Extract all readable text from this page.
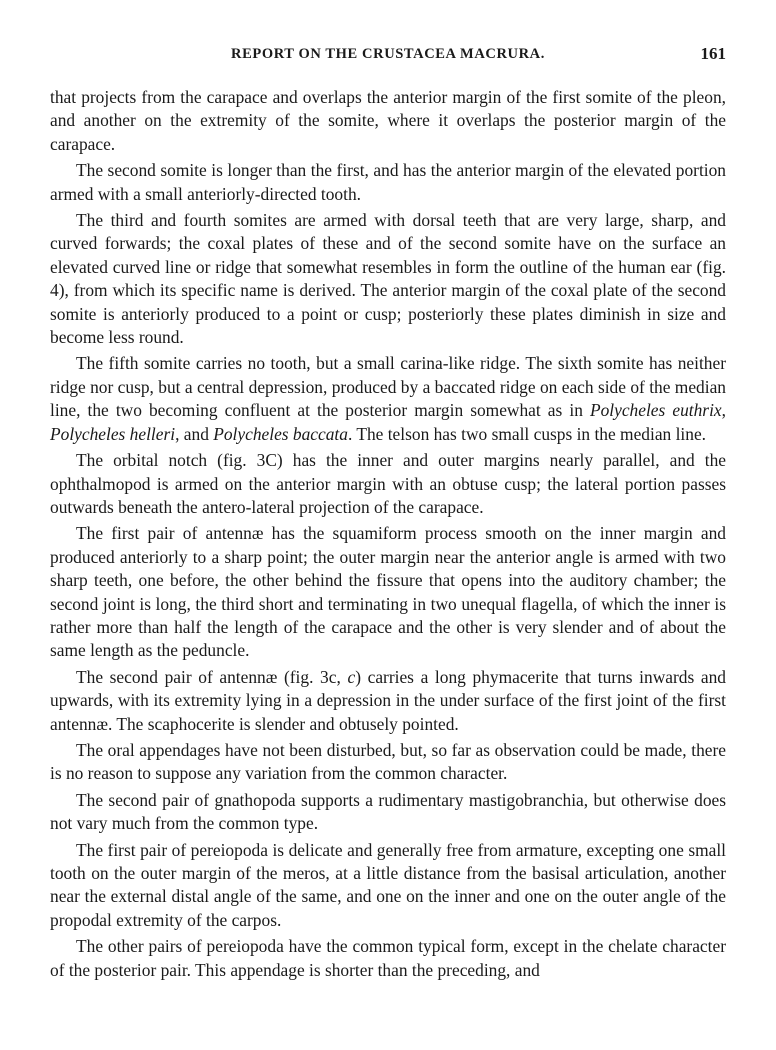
REPORT ON THE CRUSTACEA MACRURA.	161

that projects from the carapace and overlaps the anterior margin of the first somite of the pleon, and another on the extremity of the somite, where it overlaps the posterior margin of the carapace.

The second somite is longer than the first, and has the anterior margin of the elevated portion armed with a small anteriorly-directed tooth.

The third and fourth somites are armed with dorsal teeth that are very large, sharp, and curved forwards; the coxal plates of these and of the second somite have on the surface an elevated curved line or ridge that somewhat resembles in form the outline of the human ear (fig. 4), from which its specific name is derived. The anterior margin of the coxal plate of the second somite is anteriorly produced to a point or cusp; posteriorly these plates diminish in size and become less round.

The fifth somite carries no tooth, but a small carina-like ridge. The sixth somite has neither ridge nor cusp, but a central depression, produced by a baccated ridge on each side of the median line, the two becoming confluent at the posterior margin somewhat as in Polycheles euthrix, Polycheles helleri, and Polycheles baccata. The telson has two small cusps in the median line.

The orbital notch (fig. 3C) has the inner and outer margins nearly parallel, and the ophthalmopod is armed on the anterior margin with an obtuse cusp; the lateral portion passes outwards beneath the antero-lateral projection of the carapace.

The first pair of antennæ has the squamiform process smooth on the inner margin and produced anteriorly to a sharp point; the outer margin near the anterior angle is armed with two sharp teeth, one before, the other behind the fissure that opens into the auditory chamber; the second joint is long, the third short and terminating in two unequal flagella, of which the inner is rather more than half the length of the carapace and the other is very slender and of about the same length as the peduncle.

The second pair of antennæ (fig. 3c, c) carries a long phymacerite that turns inwards and upwards, with its extremity lying in a depression in the under surface of the first joint of the first antennæ. The scaphocerite is slender and obtusely pointed.

The oral appendages have not been disturbed, but, so far as observation could be made, there is no reason to suppose any variation from the common character.

The second pair of gnathopoda supports a rudimentary mastigobranchia, but otherwise does not vary much from the common type.

The first pair of pereiopoda is delicate and generally free from armature, excepting one small tooth on the outer margin of the meros, at a little distance from the basisal articulation, another near the external distal angle of the same, and one on the inner and one on the outer angle of the propodal extremity of the carpos.

The other pairs of pereiopoda have the common typical form, except in the chelate character of the posterior pair. This appendage is shorter than the preceding, and
